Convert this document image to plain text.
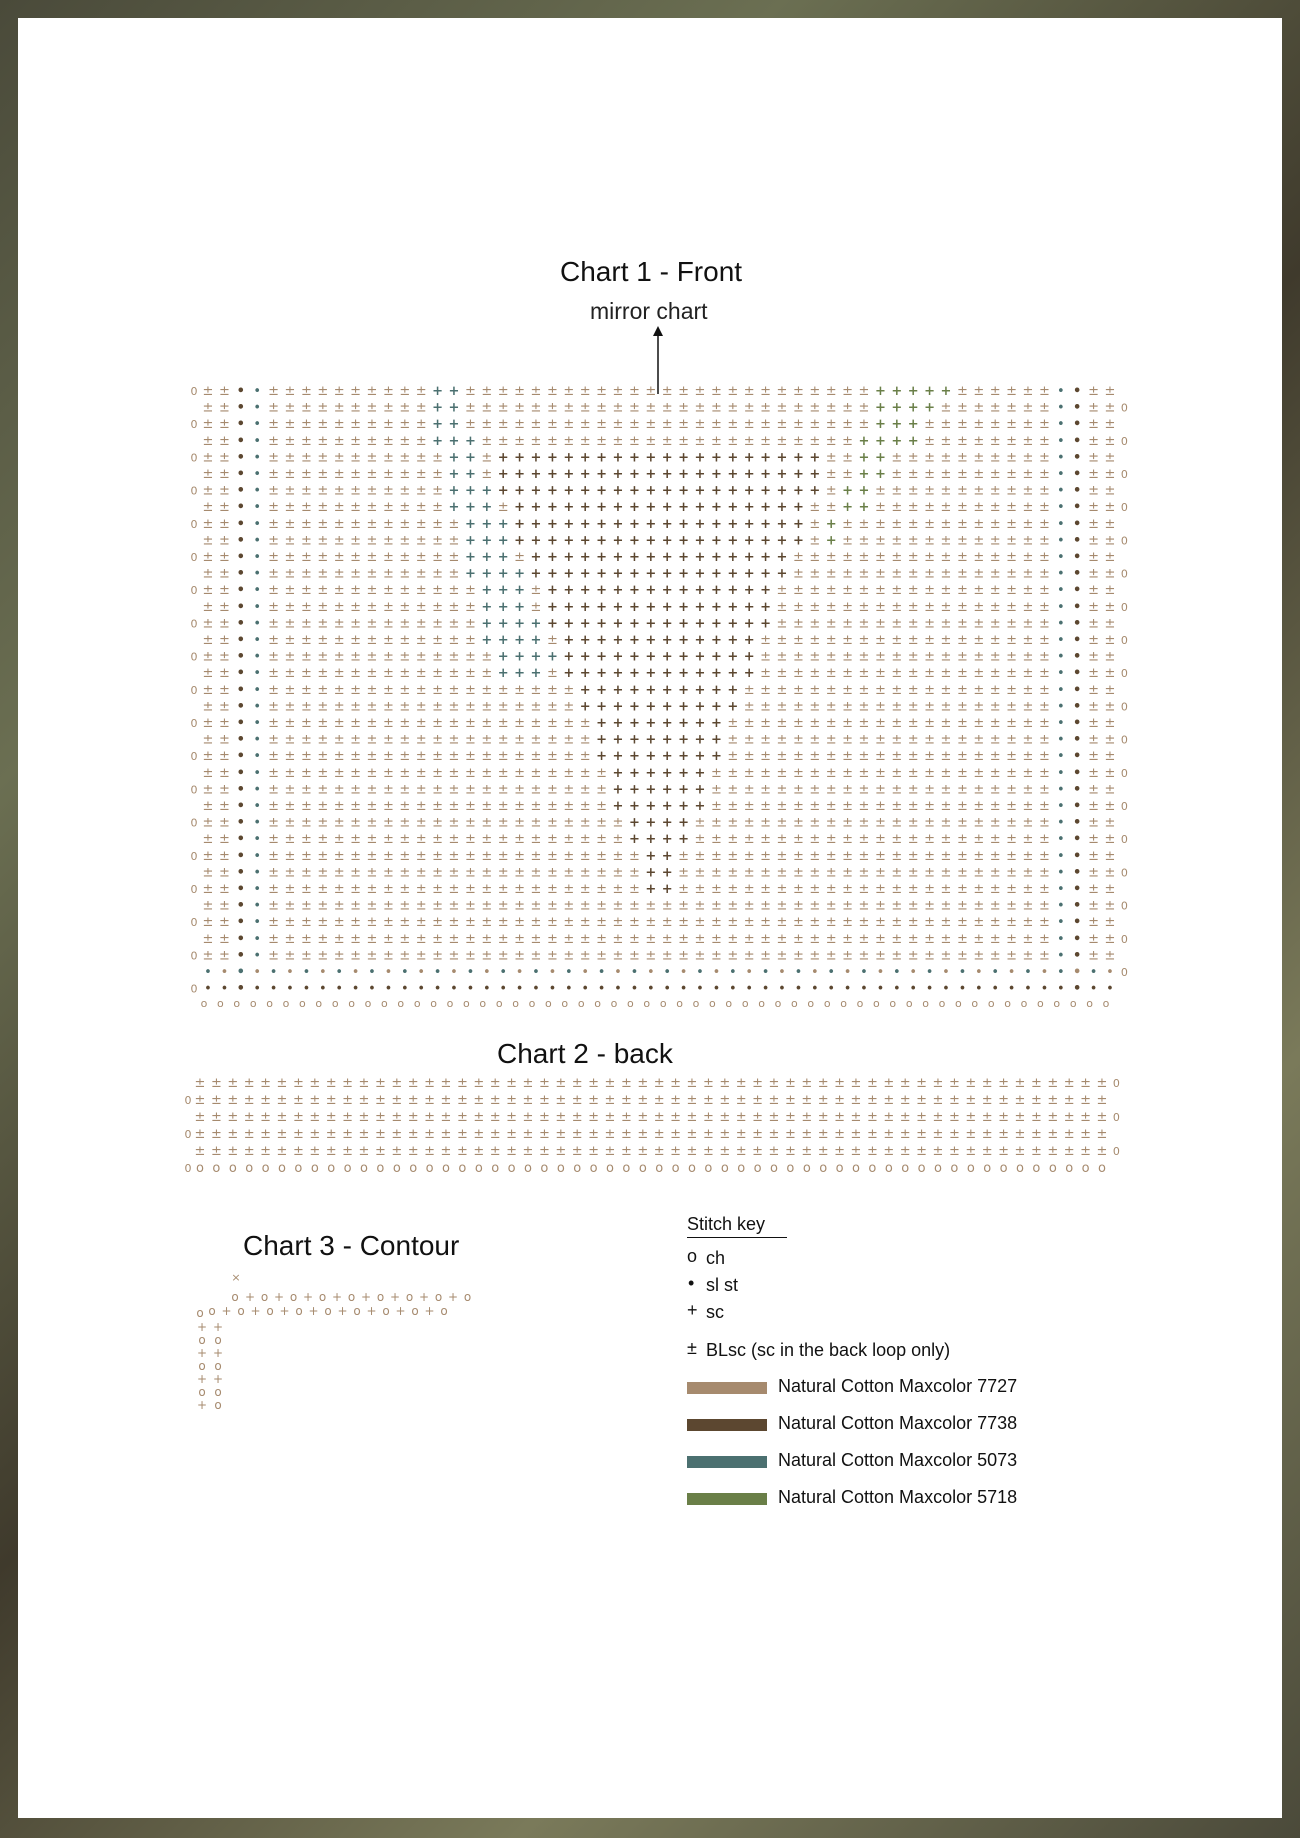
Chart 1 - Front
mirror chart
0 ± ± • • ± ± ± ± ± ± ± ± ± ± + + ± ± ± ± ± ± ± ± ± ± ± ± ± ± ± ± ± ± ± ± ± ± ± ± ± + + + + + ± ± ± ± ± ± • • ± ±
0
± ± • • ± ± ± ± ± ± ± ± ± ± + + ± ± ± ± ± ± ± ± ± ± ± ± ± ± ± ± ± ± ± ± ± ± ± ± ± + + + + ± ± ± ± ± ± ± • • ± ±
0 ± ± • • ± ± ± ± ± ± ± ± ± ± + + ± ± ± ± ± ± ± ± ± ± ± ± ± ± ± ± ± ± ± ± ± ± ± ± ± + + + ± ± ± ± ± ± ± ± • • ± ±
0
± ± • • ± ± ± ± ± ± ± ± ± ± + + + ± ± ± ± ± ± ± ± ± ± ± ± ± ± ± ± ± ± ± ± ± ± ± + + + + ± ± ± ± ± ± ± ± • • ± ±
0 ± ± • • ± ± ± ± ± ± ± ± ± ± ± + + ± + + + + + + + + + + + + + + + + + + + + ± ± + + ± ± ± ± ± ± ± ± ± ± • • ± ±
0
± ± • • ± ± ± ± ± ± ± ± ± ± ± + + ± + + + + + + + + + + + + + + + + + + + + ± ± + + ± ± ± ± ± ± ± ± ± ± • • ± ±
0 ± ± • • ± ± ± ± ± ± ± ± ± ± ± + + + + + + + + + + + + + + + + + + + + + + + ± + + ± ± ± ± ± ± ± ± ± ± ± • • ± ±
0
± ± • • ± ± ± ± ± ± ± ± ± ± ± + + + ± + + + + + + + + + + + + + + + + + + ± ± + + ± ± ± ± ± ± ± ± ± ± ± • • ± ±
0 ± ± • • ± ± ± ± ± ± ± ± ± ± ± ± + + + + + + + + + + + + + + + + + + + + + ± + ± ± ± ± ± ± ± ± ± ± ± ± ± • • ± ±
0
± ± • • ± ± ± ± ± ± ± ± ± ± ± ± + + + + + + + + + + + + + + + + + + + + + ± + ± ± ± ± ± ± ± ± ± ± ± ± ± • • ± ±
0 ± ± • • ± ± ± ± ± ± ± ± ± ± ± ± + + + ± + + + + + + + + + + + + + + + + ± ± ± ± ± ± ± ± ± ± ± ± ± ± ± ± • • ± ±
0
± ± • • ± ± ± ± ± ± ± ± ± ± ± ± + + + + + + + + + + + + + + + + + + + + ± ± ± ± ± ± ± ± ± ± ± ± ± ± ± ± • • ± ±
0 ± ± • • ± ± ± ± ± ± ± ± ± ± ± ± ± + + + ± + + + + + + + + + + + + + + ± ± ± ± ± ± ± ± ± ± ± ± ± ± ± ± ± • • ± ±
0
± ± • • ± ± ± ± ± ± ± ± ± ± ± ± ± + + + ± + + + + + + + + + + + + + + ± ± ± ± ± ± ± ± ± ± ± ± ± ± ± ± ± • • ± ±
0 ± ± • • ± ± ± ± ± ± ± ± ± ± ± ± ± + + + + + + + + + + + + + + + + + + ± ± ± ± ± ± ± ± ± ± ± ± ± ± ± ± ± • • ± ±
0
± ± • • ± ± ± ± ± ± ± ± ± ± ± ± ± + + + + ± + + + + + + + + + + + + ± ± ± ± ± ± ± ± ± ± ± ± ± ± ± ± ± ± • • ± ±
0 ± ± • • ± ± ± ± ± ± ± ± ± ± ± ± ± ± + + + + + + + + + + + + + + + + ± ± ± ± ± ± ± ± ± ± ± ± ± ± ± ± ± ± • • ± ±
0
± ± • • ± ± ± ± ± ± ± ± ± ± ± ± ± ± + + + ± + + + + + + + + + + + + ± ± ± ± ± ± ± ± ± ± ± ± ± ± ± ± ± ± • • ± ±
0 ± ± • • ± ± ± ± ± ± ± ± ± ± ± ± ± ± ± ± ± ± ± + + + + + + + + + + ± ± ± ± ± ± ± ± ± ± ± ± ± ± ± ± ± ± ± • • ± ±
0
± ± • • ± ± ± ± ± ± ± ± ± ± ± ± ± ± ± ± ± ± ± + + + + + + + + + + ± ± ± ± ± ± ± ± ± ± ± ± ± ± ± ± ± ± ± • • ± ±
0 ± ± • • ± ± ± ± ± ± ± ± ± ± ± ± ± ± ± ± ± ± ± ± + + + + + + + + ± ± ± ± ± ± ± ± ± ± ± ± ± ± ± ± ± ± ± ± • • ± ±
0
± ± • • ± ± ± ± ± ± ± ± ± ± ± ± ± ± ± ± ± ± ± ± + + + + + + + + ± ± ± ± ± ± ± ± ± ± ± ± ± ± ± ± ± ± ± ± • • ± ±
0 ± ± • • ± ± ± ± ± ± ± ± ± ± ± ± ± ± ± ± ± ± ± ± + + + + + + + + ± ± ± ± ± ± ± ± ± ± ± ± ± ± ± ± ± ± ± ± • • ± ±
0
± ± • • ± ± ± ± ± ± ± ± ± ± ± ± ± ± ± ± ± ± ± ± ± + + + + + + ± ± ± ± ± ± ± ± ± ± ± ± ± ± ± ± ± ± ± ± ± • • ± ±
0 ± ± • • ± ± ± ± ± ± ± ± ± ± ± ± ± ± ± ± ± ± ± ± ± + + + + + + ± ± ± ± ± ± ± ± ± ± ± ± ± ± ± ± ± ± ± ± ± • • ± ±
0
± ± • • ± ± ± ± ± ± ± ± ± ± ± ± ± ± ± ± ± ± ± ± ± + + + + + + ± ± ± ± ± ± ± ± ± ± ± ± ± ± ± ± ± ± ± ± ± • • ± ±
0 ± ± • • ± ± ± ± ± ± ± ± ± ± ± ± ± ± ± ± ± ± ± ± ± ± + + + + ± ± ± ± ± ± ± ± ± ± ± ± ± ± ± ± ± ± ± ± ± ± • • ± ±
0
± ± • • ± ± ± ± ± ± ± ± ± ± ± ± ± ± ± ± ± ± ± ± ± ± + + + + ± ± ± ± ± ± ± ± ± ± ± ± ± ± ± ± ± ± ± ± ± ± • • ± ±
0 ± ± • • ± ± ± ± ± ± ± ± ± ± ± ± ± ± ± ± ± ± ± ± ± ± ± + + ± ± ± ± ± ± ± ± ± ± ± ± ± ± ± ± ± ± ± ± ± ± ± • • ± ±
0
± ± • • ± ± ± ± ± ± ± ± ± ± ± ± ± ± ± ± ± ± ± ± ± ± ± + + ± ± ± ± ± ± ± ± ± ± ± ± ± ± ± ± ± ± ± ± ± ± ± • • ± ±
0 ± ± • • ± ± ± ± ± ± ± ± ± ± ± ± ± ± ± ± ± ± ± ± ± ± ± + + ± ± ± ± ± ± ± ± ± ± ± ± ± ± ± ± ± ± ± ± ± ± ± • • ± ±
0
± ± • • ± ± ± ± ± ± ± ± ± ± ± ± ± ± ± ± ± ± ± ± ± ± ± ± ± ± ± ± ± ± ± ± ± ± ± ± ± ± ± ± ± ± ± ± ± ± ± ± • • ± ±
0 ± ± • • ± ± ± ± ± ± ± ± ± ± ± ± ± ± ± ± ± ± ± ± ± ± ± ± ± ± ± ± ± ± ± ± ± ± ± ± ± ± ± ± ± ± ± ± ± ± ± ± • • ± ±
0
± ± • • ± ± ± ± ± ± ± ± ± ± ± ± ± ± ± ± ± ± ± ± ± ± ± ± ± ± ± ± ± ± ± ± ± ± ± ± ± ± ± ± ± ± ± ± ± ± ± ± • • ± ±
0 ± ± • • ± ± ± ± ± ± ± ± ± ± ± ± ± ± ± ± ± ± ± ± ± ± ± ± ± ± ± ± ± ± ± ± ± ± ± ± ± ± ± ± ± ± ± ± ± ± ± ± • • ± ±
0
• • • • • • • • • • • • • • • • • • • • • • • • • • • • • • • • • • • • • • • • • • • • • • • • • • • • • • • •
0 • • • • • • • • • • • • • • • • • • • • • • • • • • • • • • • • • • • • • • • • • • • • • • • • • • • • • • • •
o o o o o o o o o o o o o o o o o o o o o o o o o o o o o o o o o o o o o o o o o o o o o o o o o o o o o o o o
Chart 2 - back
0
± ± ± ± ± ± ± ± ± ± ± ± ± ± ± ± ± ± ± ± ± ± ± ± ± ± ± ± ± ± ± ± ± ± ± ± ± ± ± ± ± ± ± ± ± ± ± ± ± ± ± ± ± ± ± ±
0 ± ± ± ± ± ± ± ± ± ± ± ± ± ± ± ± ± ± ± ± ± ± ± ± ± ± ± ± ± ± ± ± ± ± ± ± ± ± ± ± ± ± ± ± ± ± ± ± ± ± ± ± ± ± ± ±
0
± ± ± ± ± ± ± ± ± ± ± ± ± ± ± ± ± ± ± ± ± ± ± ± ± ± ± ± ± ± ± ± ± ± ± ± ± ± ± ± ± ± ± ± ± ± ± ± ± ± ± ± ± ± ± ±
0 ± ± ± ± ± ± ± ± ± ± ± ± ± ± ± ± ± ± ± ± ± ± ± ± ± ± ± ± ± ± ± ± ± ± ± ± ± ± ± ± ± ± ± ± ± ± ± ± ± ± ± ± ± ± ± ±
0
± ± ± ± ± ± ± ± ± ± ± ± ± ± ± ± ± ± ± ± ± ± ± ± ± ± ± ± ± ± ± ± ± ± ± ± ± ± ± ± ± ± ± ± ± ± ± ± ± ± ± ± ± ± ± ±
0 o o o o o o o o o o o o o o o o o o o o o o o o o o o o o o o o o o o o o o o o o o o o o o o o o o o o o o o o
Chart 3 - Contour
o + o + o + o + o + o + o + o + o
×
o + o + o + o + o + o + o + o + o
o
+ +
o o
+ +
o o
+ +
o o
+ o
Stitch key
o ch
• sl st
+ sc
± BLsc (sc in the back loop only)
Natural Cotton Maxcolor 7727
Natural Cotton Maxcolor 7738
Natural Cotton Maxcolor 5073
Natural Cotton Maxcolor 5718
